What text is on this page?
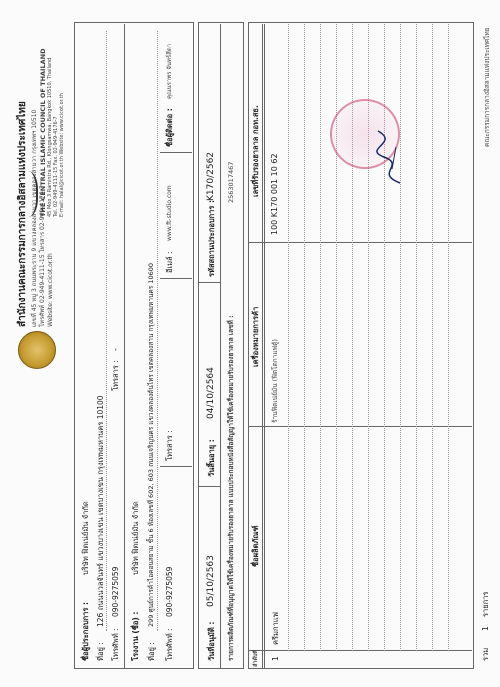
สำนักงานคณะกรรมการกลางอิสลามแห่งประเทศไทย เลขที่ 45 หมู่ 3 ถนนพระราม 9 แขวงคลองสามวา เขตคลองสามวา กรุงเทพฯ 10510 โทรศัพท์ 02-949-4111-15 โทรสาร 02-949-4176-7 Website: www.cicot.or.th
THE CENTRAL ISLAMIC COUNCIL OF THAILAND 45 Moo 3 Ramintra Rd., Klongsamwa, Bangkok 10510, Thailand Tel. 02-949-4111-15 Fax. 02-949-4176-7 E-mail: halal@cicot.or.th Website: www.cicot.or.th
ชื่อผู้ประกอบการ :
บริษัท ฟิตเน่ย์มัน จำกัด
ที่อยู่ :
126 ถนนนวลจันทร์ แขวงบางเขน เขตบางเขน กรุงเทพมหานคร 10100
โทรศัพท์ :
090-9275059
โทรสาร :
-
โรงงาน (ชื่อ) :
บริษัท ฟิตเน่ย์มัน จำกัด
ที่อยู่ :
299 ศูนย์การค้าไอคอนสยาม ชั้น 6 ห้องเลขที่ 602, 603 ถนนเจริญนคร แขวงคลองต้นไทร เขตคลองสาน กรุงเทพมหานคร 10600
โทรศัพท์ :
090-9275059
โทรสาร :
อีเมล์ :
www.ft-studio.com
ชื่อผู้ติดต่อ :
คุณนราพร จันทร์สีดา
วันที่อนุมัติ :
05/10/2563
วันสิ้นอายุ :
04/10/2564
รหัสสถานประกอบการ :
K170/2562
รายการผลิตภัณฑ์ที่อนุญาตให้ใช้เครื่องหมายรับรองฮาลาล แนบประกอบหนังสือสัญญาให้ใช้เครื่องหมายรับรองฮาลาล เลขที่ :
2563017467
ลำดับที่
ชื่อผลิตภัณฑ์
เครื่องหมายการค้า
เลขที่รับรองฮาลาล กอท.สธ.
1
ครีมกาแฟ
ร้านฟิตเน่ย์มัน (ฟิตโตกาแฟตู้)
100 K170 001 10 62
รวม
1
รายการ
คณะกรรมการกลางอิสลามแห่งประเทศไทย
